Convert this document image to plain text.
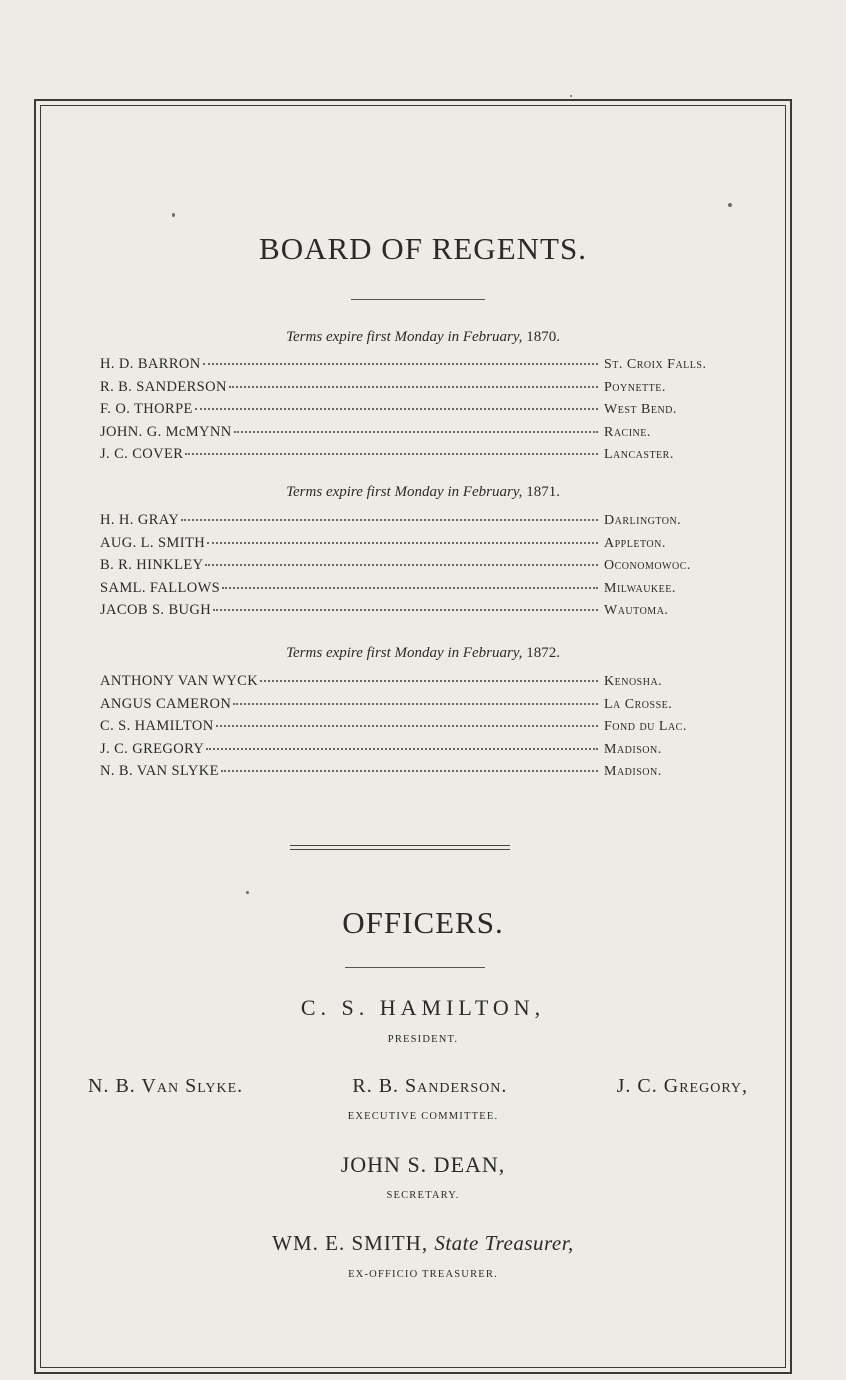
BOARD OF REGENTS.

Terms expire first Monday in February, 1870.

H. D. BARRON	St. Croix Falls.
R. B. SANDERSON	Poynette.
F. O. THORPE	West Bend.
JOHN. G. McMYNN	Racine.
J. C. COVER	Lancaster.

Terms expire first Monday in February, 1871.

H. H. GRAY	Darlington.
AUG. L. SMITH	Appleton.
B. R. HINKLEY	Oconomowoc.
SAML. FALLOWS	Milwaukee.
JACOB S. BUGH	Wautoma.

Terms expire first Monday in February, 1872.

ANTHONY VAN WYCK	Kenosha.
ANGUS CAMERON	La Crosse.
C. S. HAMILTON	Fond du Lac.
J. C. GREGORY	Madison.
N. B. VAN SLYKE	Madison.
OFFICERS.

C. S. HAMILTON,

PRESIDENT.

N. B. Van Slyke.	R. B. Sanderson.	J. C. Gregory,

EXECUTIVE COMMITTEE.

JOHN S. DEAN,

SECRETARY.

WM. E. SMITH, State Treasurer,

EX-OFFICIO TREASURER.
